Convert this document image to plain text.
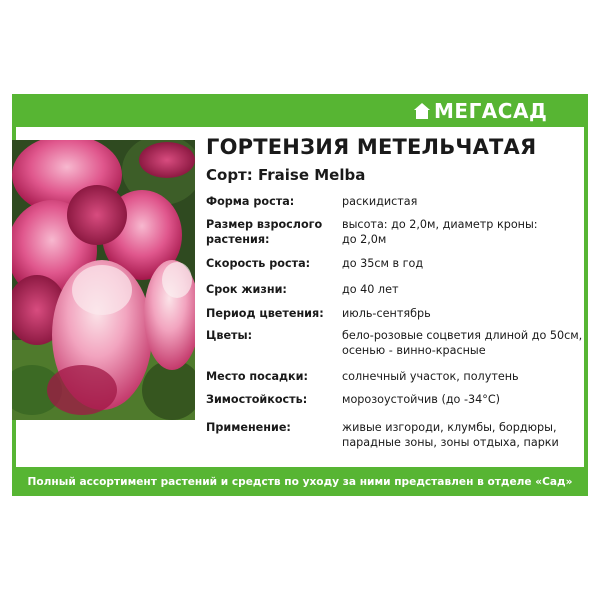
МЕГАСАД
ГОРТЕНЗИЯ МЕТЕЛЬЧАТАЯ
Сорт: Fraise Melba
Форма роста:	раскидистая
Размер взрослого растения:
высота: до 2,0м, диаметр кроны: до 2,0м
Скорость роста:	до 35см в год
Срок жизни:	до 40 лет
Период цветения:	июль-сентябрь
Цветы:	бело-розовые соцветия длиной до 50см, осенью - винно-красные
Место посадки:	солнечный участок, полутень
Зимостойкость:	морозоустойчив (до -34°C)
Применение:	живые изгороди, клумбы, бордюры, парадные зоны, зоны отдыха, парки
Полный ассортимент растений и средств по уходу за ними представлен в отделе «Сад»
